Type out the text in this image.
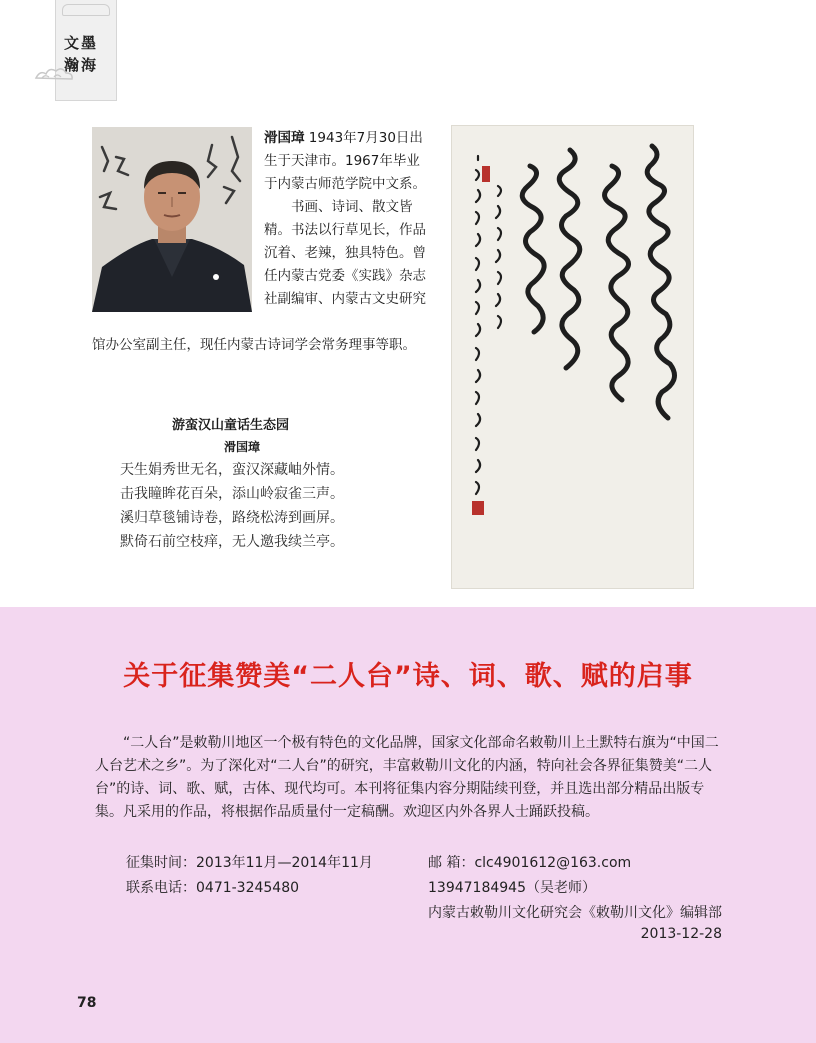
文墨
瀚海
滑国璋 1943年7月30日出生于天津市。1967年毕业于内蒙古师范学院中文系。
书画、诗词、散文皆精。书法以行草见长，作品沉着、老辣，独具特色。曾任内蒙古党委《实践》杂志社副编审、内蒙古文史研究
馆办公室副主任，现任内蒙古诗词学会常务理事等职。
游蛮汉山童话生态园
滑国璋
天生娟秀世无名，蛮汉深藏岫外情。
击我瞳眸花百朵，添山岭寂雀三声。
溪归草毯铺诗卷，路绕松涛到画屏。
默倚石前空枝痒，无人邀我续兰亭。
关于征集赞美“二人台”诗、词、歌、赋的启事

“二人台”是敕勒川地区一个极有特色的文化品牌，国家文化部命名敕勒川上土默特右旗为“中国二人台艺术之乡”。为了深化对“二人台”的研究，丰富敕勒川文化的内涵，特向社会各界征集赞美“二人台”的诗、词、歌、赋，古体、现代均可。本刊将征集内容分期陆续刊登，并且选出部分精品出版专集。凡采用的作品，将根据作品质量付一定稿酬。欢迎区内外各界人士踊跃投稿。

征集时间：2013年11月—2014年11月	邮 箱：clc4901612@163.com
联系电话：0471-3245480	13947184945（吴老师）
内蒙古敕勒川文化研究会《敕勒川文化》编辑部
2013-12-28
78
